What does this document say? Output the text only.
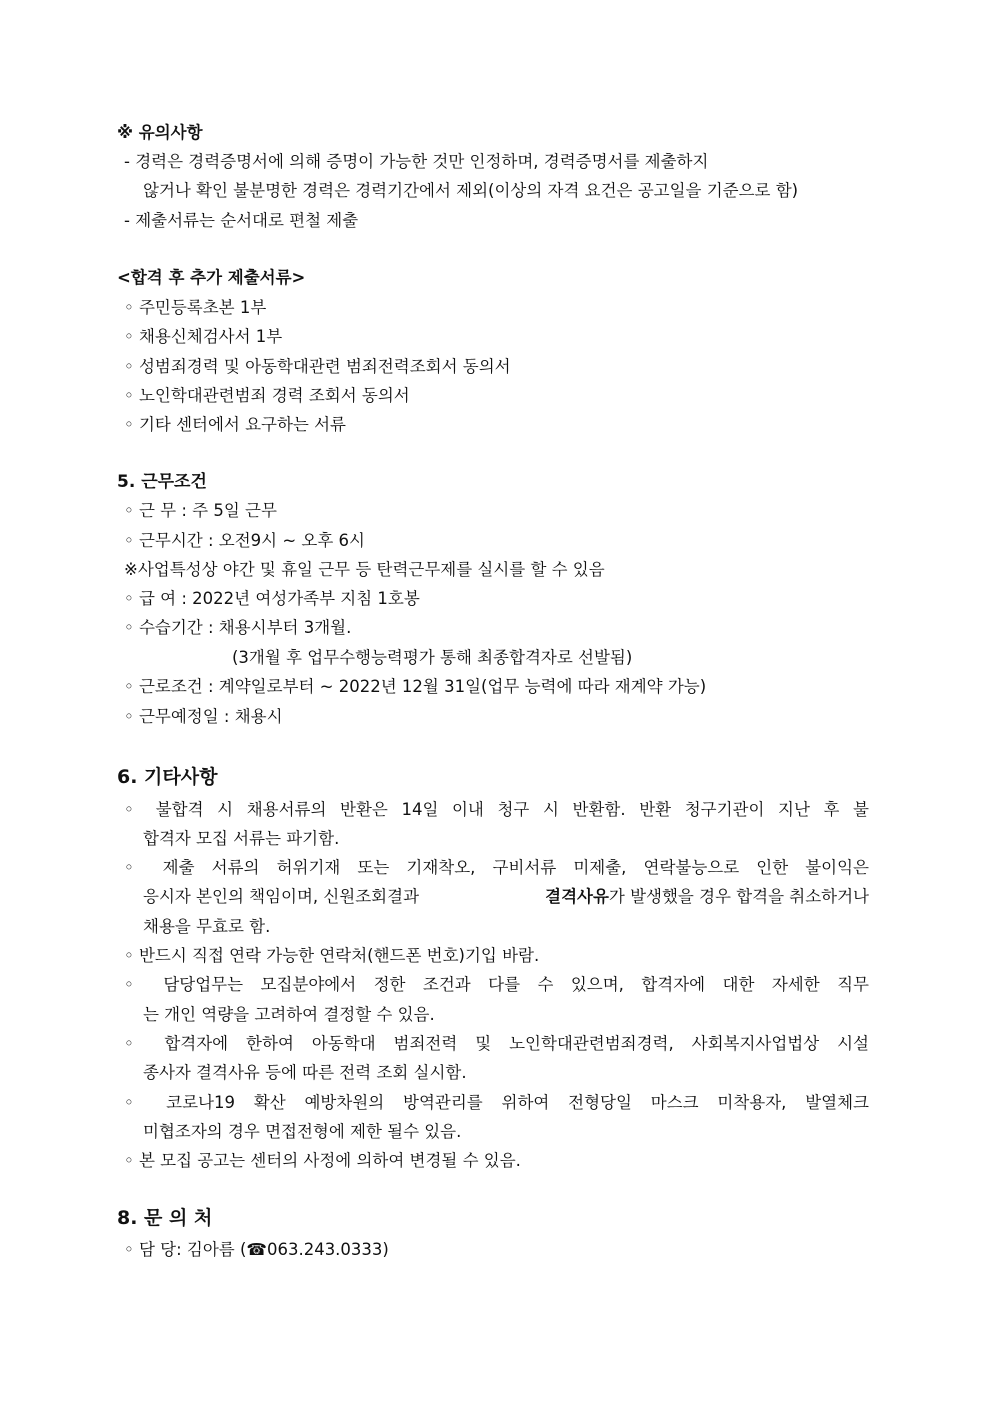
※ 유의사항
- 경력은 경력증명서에 의해 증명이 가능한 것만 인정하며, 경력증명서를 제출하지
않거나 확인 불분명한 경력은 경력기간에서 제외(이상의 자격 요건은 공고일을 기준으로 함)
- 제출서류는 순서대로 편철 제출
<합격 후 추가 제출서류>
◦ 주민등록초본 1부
◦ 채용신체검사서 1부
◦ 성범죄경력 및 아동학대관련 범죄전력조회서 동의서
◦ 노인학대관련범죄 경력 조회서 동의서
◦ 기타 센터에서 요구하는 서류
5. 근무조건
◦ 근 무 : 주 5일 근무
◦ 근무시간 : 오전9시 ~ 오후 6시
※사업특성상 야간 및 휴일 근무 등 탄력근무제를 실시를 할 수 있음
◦ 급 여 : 2022년 여성가족부 지침 1호봉
◦ 수습기간 : 채용시부터 3개월.
(3개월 후 업무수행능력평가 통해 최종합격자로 선발됨)
◦ 근로조건 : 계약일로부터 ~ 2022년 12월 31일(업무 능력에 따라 재계약 가능)
◦ 근무예정일 : 채용시
6. 기타사항
◦ 불합격 시 채용서류의 반환은 14일 이내 청구 시 반환함. 반환 청구기관이 지난 후 불
합격자 모집 서류는 파기함.
◦ 제출 서류의 허위기재 또는 기재착오, 구비서류 미제출, 연락불능으로 인한 불이익은
응시자 본인의 책임이며, 신원조회결과	결격사유가 발생했을 경우 합격을 취소하거나
채용을 무효로 함.
◦ 반드시 직접 연락 가능한 연락처(핸드폰 번호)기입 바람.
◦ 담당업무는 모집분야에서 정한 조건과 다를 수 있으며, 합격자에 대한 자세한 직무
는 개인 역량을 고려하여 결정할 수 있음.
◦ 합격자에 한하여 아동학대 범죄전력 및 노인학대관련범죄경력, 사회복지사업법상 시설
종사자 결격사유 등에 따른 전력 조회 실시함.
◦ 코로나19 확산 예방차원의 방역관리를 위하여 전형당일 마스크 미착용자, 발열체크
미협조자의 경우 면접전형에 제한 될수 있음.
◦ 본 모집 공고는 센터의 사정에 의하여 변경될 수 있음.
8. 문 의 처
◦ 담 당: 김아름 (☎063.243.0333)
